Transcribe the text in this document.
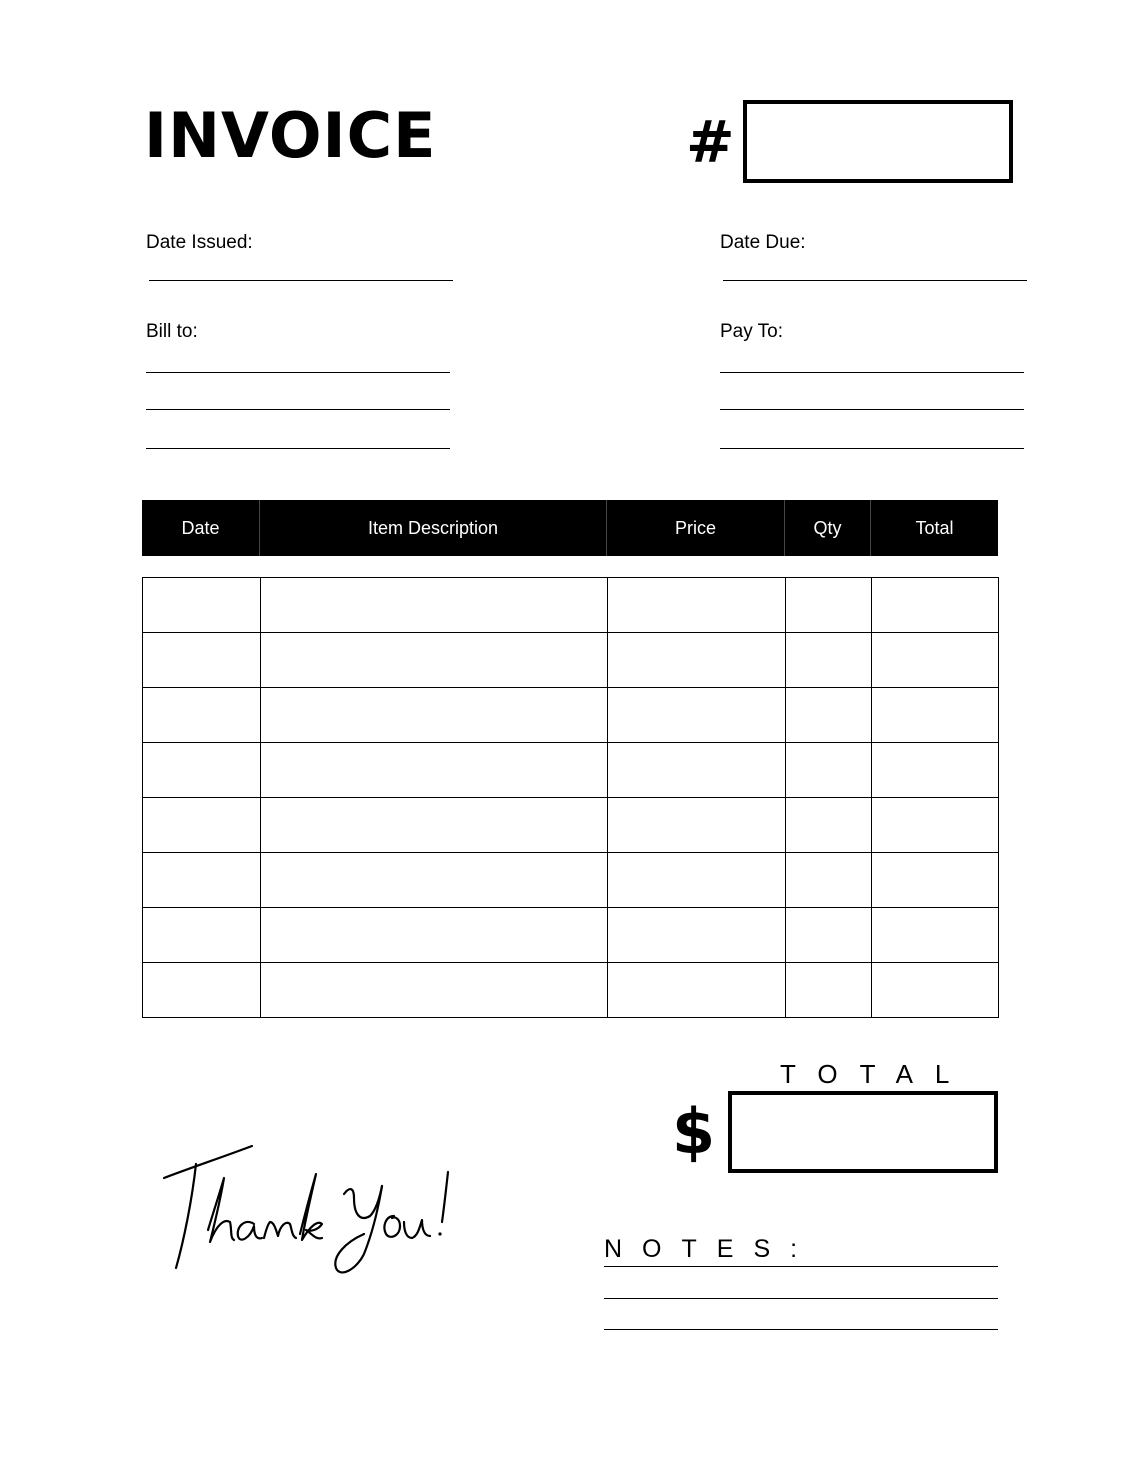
INVOICE	#
Date Issued:	Date Due:
Bill to:	Pay To:
Date	Item Description	Price	Qty	Total

TOTAL
$
NOTES:
